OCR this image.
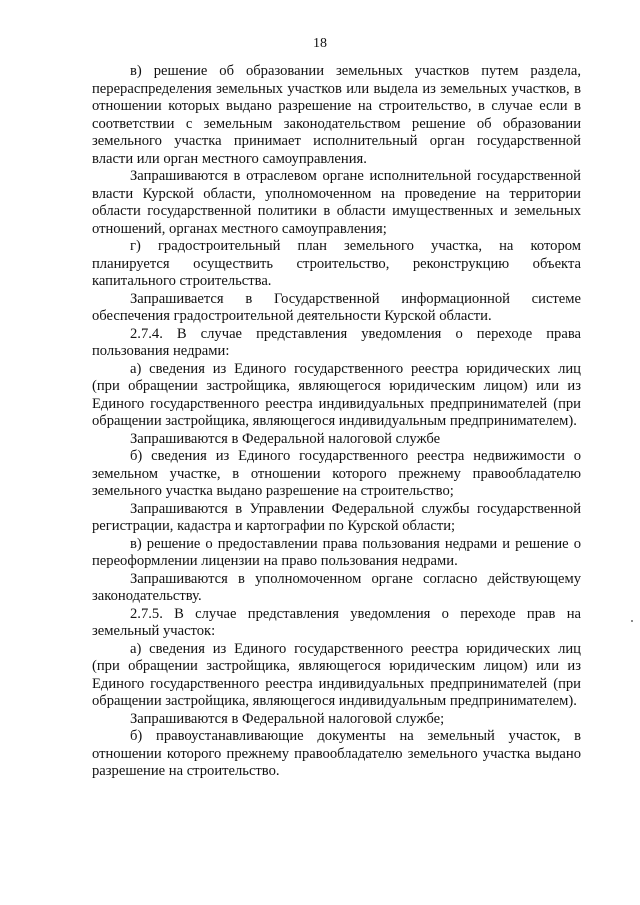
18

в) решение об образовании земельных участков путем раздела, перераспределения земельных участков или выдела из земельных участков, в отношении которых выдано разрешение на строительство, в случае если в соответствии с земельным законодательством решение об образовании земельного участка принимает исполнительный орган государственной власти или орган местного самоуправления.

Запрашиваются в отраслевом органе исполнительной государственной власти Курской области, уполномоченном на проведение на территории области государственной политики в области имущественных и земельных отношений, органах местного самоуправления;

г) градостроительный план земельного участка, на котором планируется осуществить строительство, реконструкцию объекта капитального строительства.

Запрашивается в Государственной информационной системе обеспечения градостроительной деятельности Курской области.

2.7.4. В случае представления уведомления о переходе права пользования недрами:

а) сведения из Единого государственного реестра юридических лиц (при обращении застройщика, являющегося юридическим лицом) или из Единого государственного реестра индивидуальных предпринимателей (при обращении застройщика, являющегося индивидуальным предпринимателем).

Запрашиваются в Федеральной налоговой службе

б) сведения из Единого государственного реестра недвижимости о земельном участке, в отношении которого прежнему правообладателю земельного участка выдано разрешение на строительство;

Запрашиваются в Управлении Федеральной службы государственной регистрации, кадастра и картографии по Курской области;

в) решение о предоставлении права пользования недрами и решение о переоформлении лицензии на право пользования недрами.

Запрашиваются в уполномоченном органе согласно действующему законодательству.

2.7.5. В случае представления уведомления о переходе прав на земельный участок:

а) сведения из Единого государственного реестра юридических лиц (при обращении застройщика, являющегося юридическим лицом) или из Единого государственного реестра индивидуальных предпринимателей (при обращении застройщика, являющегося индивидуальным предпринимателем).

Запрашиваются в Федеральной налоговой службе;

б) правоустанавливающие документы на земельный участок, в отношении которого прежнему правообладателю земельного участка выдано разрешение на строительство.
